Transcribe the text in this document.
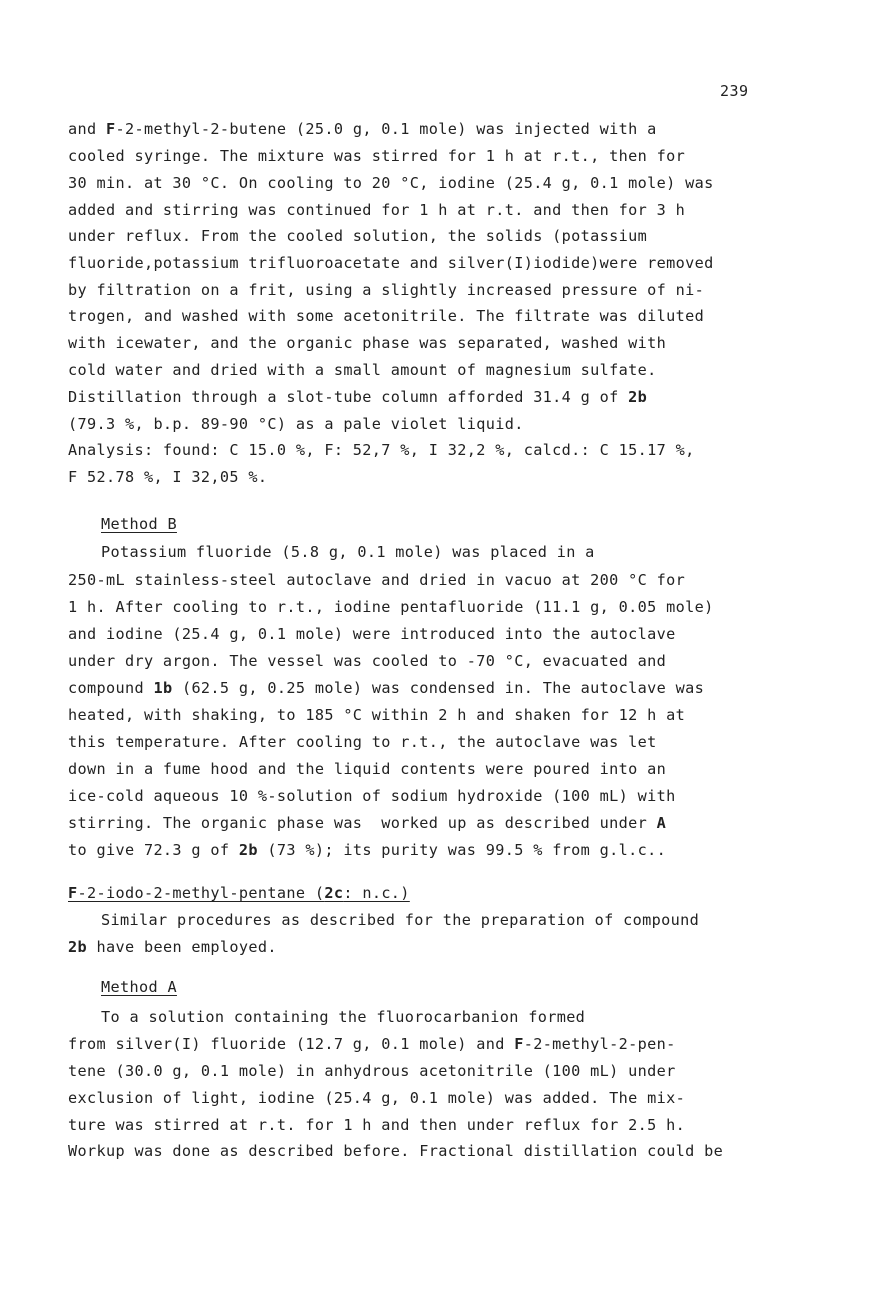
239
and F-2-methyl-2-butene (25.0 g, 0.1 mole) was injected with a
cooled syringe. The mixture was stirred for 1 h at r.t., then for
30 min. at 30 °C. On cooling to 20 °C, iodine (25.4 g, 0.1 mole) was
added and stirring was continued for 1 h at r.t. and then for 3 h
under reflux. From the cooled solution, the solids (potassium
fluoride,potassium trifluoroacetate and silver(I)iodide)were removed
by filtration on a frit, using a slightly increased pressure of ni-
trogen, and washed with some acetonitrile. The filtrate was diluted
with icewater, and the organic phase was separated, washed with
cold water and dried with a small amount of magnesium sulfate.
Distillation through a slot-tube column afforded 31.4 g of 2b
(79.3 %, b.p. 89-90 °C) as a pale violet liquid.
Analysis: found: C 15.0 %, F: 52,7 %, I 32,2 %, calcd.: C 15.17 %,
F 52.78 %, I 32,05 %.
Method B
Potassium fluoride (5.8 g, 0.1 mole) was placed in a
250-mL stainless-steel autoclave and dried in vacuo at 200 °C for
1 h. After cooling to r.t., iodine pentafluoride (11.1 g, 0.05 mole)
and iodine (25.4 g, 0.1 mole) were introduced into the autoclave
under dry argon. The vessel was cooled to -70 °C, evacuated and
compound 1b (62.5 g, 0.25 mole) was condensed in. The autoclave was
heated, with shaking, to 185 °C within 2 h and shaken for 12 h at
this temperature. After cooling to r.t., the autoclave was let
down in a fume hood and the liquid contents were poured into an
ice-cold aqueous 10 %-solution of sodium hydroxide (100 mL) with
stirring. The organic phase was  worked up as described under A
to give 72.3 g of 2b (73 %); its purity was 99.5 % from g.l.c..
F-2-iodo-2-methyl-pentane (2c: n.c.)
Similar procedures as described for the preparation of compound
2b have been employed.
Method A
To a solution containing the fluorocarbanion formed
from silver(I) fluoride (12.7 g, 0.1 mole) and F-2-methyl-2-pen-
tene (30.0 g, 0.1 mole) in anhydrous acetonitrile (100 mL) under
exclusion of light, iodine (25.4 g, 0.1 mole) was added. The mix-
ture was stirred at r.t. for 1 h and then under reflux for 2.5 h.
Workup was done as described before. Fractional distillation could be
